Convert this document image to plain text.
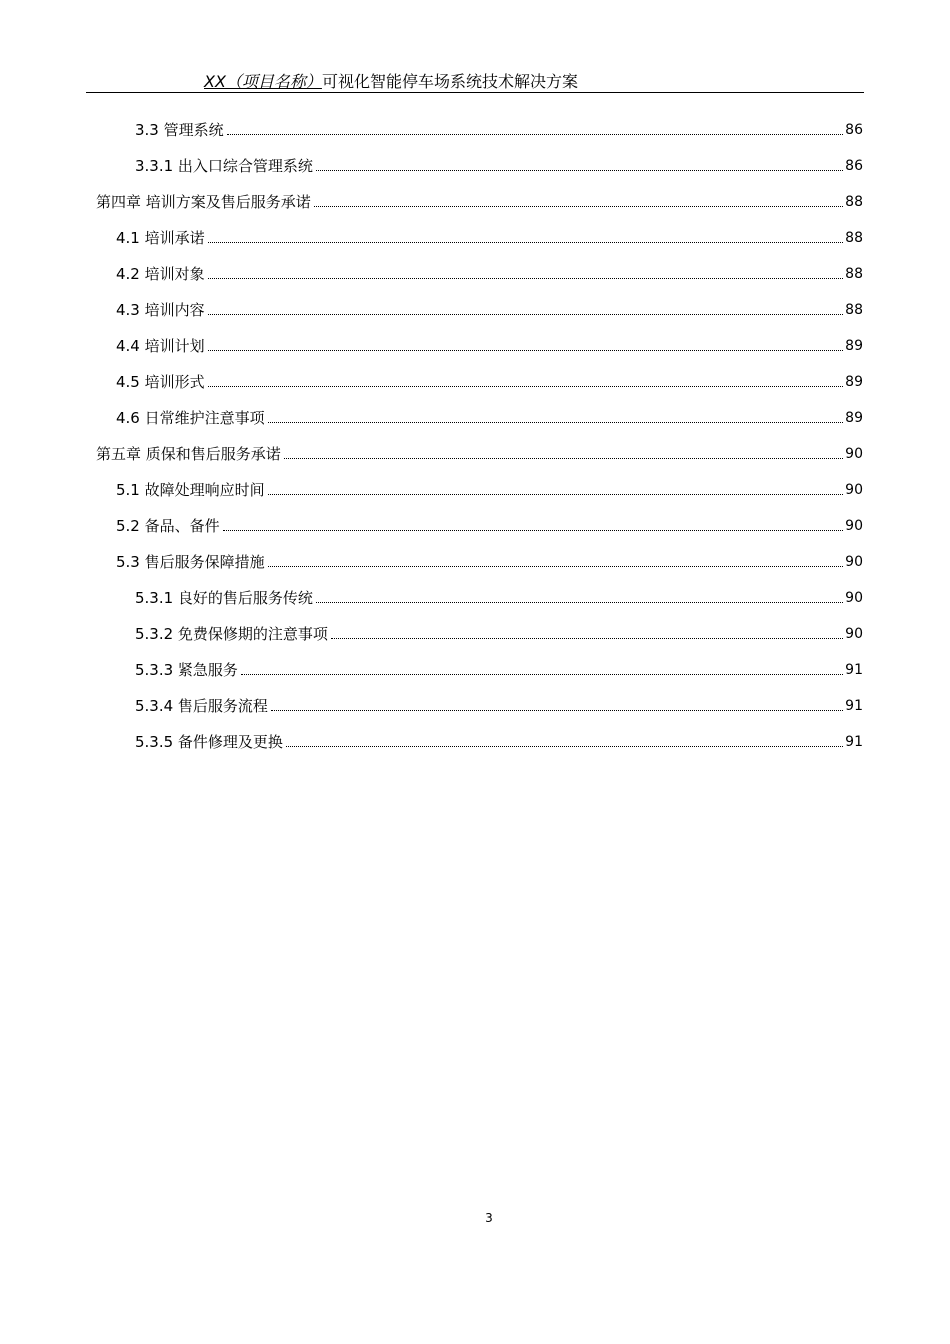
XX（项目名称）可视化智能停车场系统技术解决方案
3.3 管理系统	86
3.3.1 出入口综合管理系统	86
第四章 培训方案及售后服务承诺	88
4.1 培训承诺	88
4.2 培训对象	88
4.3 培训内容	88
4.4 培训计划	89
4.5 培训形式	89
4.6 日常维护注意事项	89
第五章 质保和售后服务承诺	90
5.1 故障处理响应时间	90
5.2 备品、备件	90
5.3 售后服务保障措施	90
5.3.1 良好的售后服务传统	90
5.3.2 免费保修期的注意事项	90
5.3.3 紧急服务	91
5.3.4 售后服务流程	91
5.3.5 备件修理及更换	91
3
